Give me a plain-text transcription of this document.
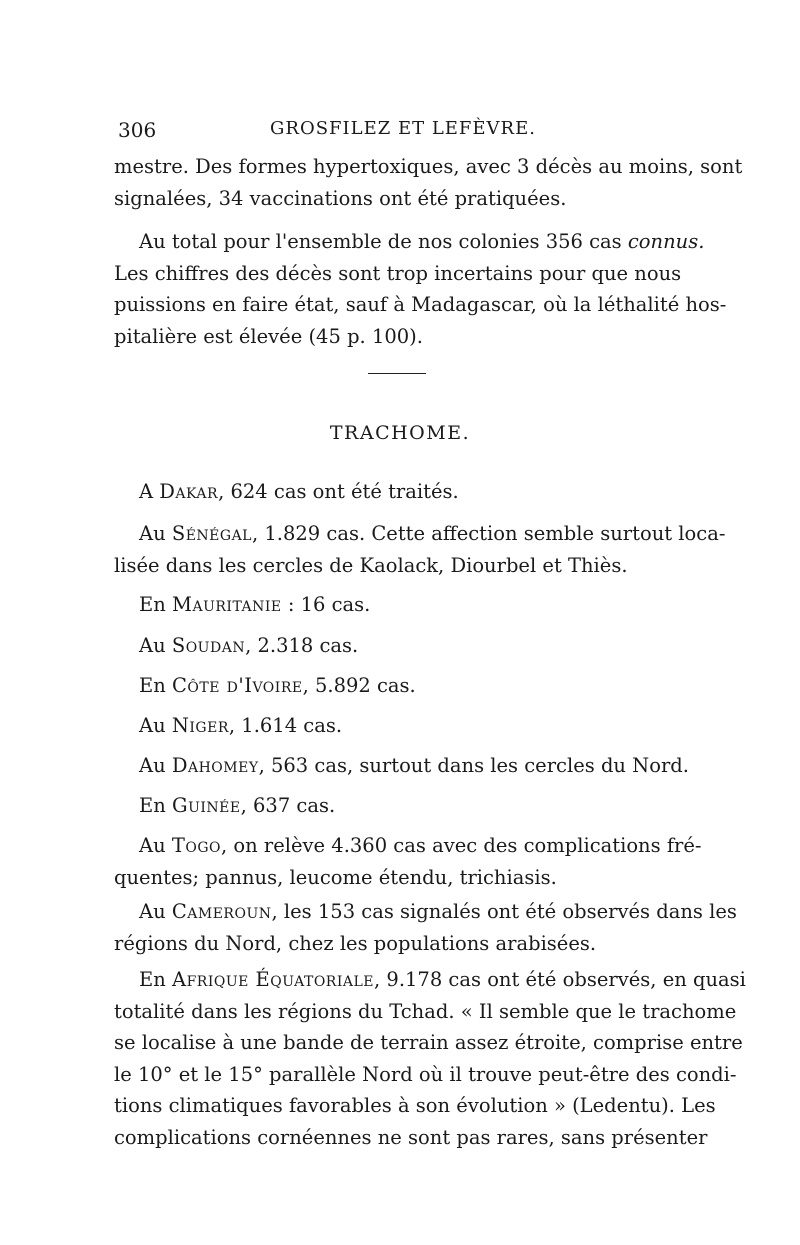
306	GROSFILEZ ET LEFÈVRE.
mestre. Des formes hypertoxiques, avec 3 décès au moins, sont
signalées, 34 vaccinations ont été pratiquées.
Au total pour l'ensemble de nos colonies 356 cas connus.
Les chiffres des décès sont trop incertains pour que nous
puissions en faire état, sauf à Madagascar, où la léthalité hos-
pitalière est élevée (45 p. 100).
TRACHOME.
A Dakar, 624 cas ont été traités.
Au Sénégal, 1.829 cas. Cette affection semble surtout loca-
lisée dans les cercles de Kaolack, Diourbel et Thiès.
En Mauritanie : 16 cas.
Au Soudan, 2.318 cas.
En Côte d'Ivoire, 5.892 cas.
Au Niger, 1.614 cas.
Au Dahomey, 563 cas, surtout dans les cercles du Nord.
En Guinée, 637 cas.
Au Togo, on relève 4.360 cas avec des complications fré-
quentes; pannus, leucome étendu, trichiasis.
Au Cameroun, les 153 cas signalés ont été observés dans les
régions du Nord, chez les populations arabisées.
En Afrique Équatoriale, 9.178 cas ont été observés, en quasi
totalité dans les régions du Tchad. « Il semble que le trachome
se localise à une bande de terrain assez étroite, comprise entre
le 10° et le 15° parallèle Nord où il trouve peut-être des condi-
tions climatiques favorables à son évolution » (Ledentu). Les
complications cornéennes ne sont pas rares, sans présenter
